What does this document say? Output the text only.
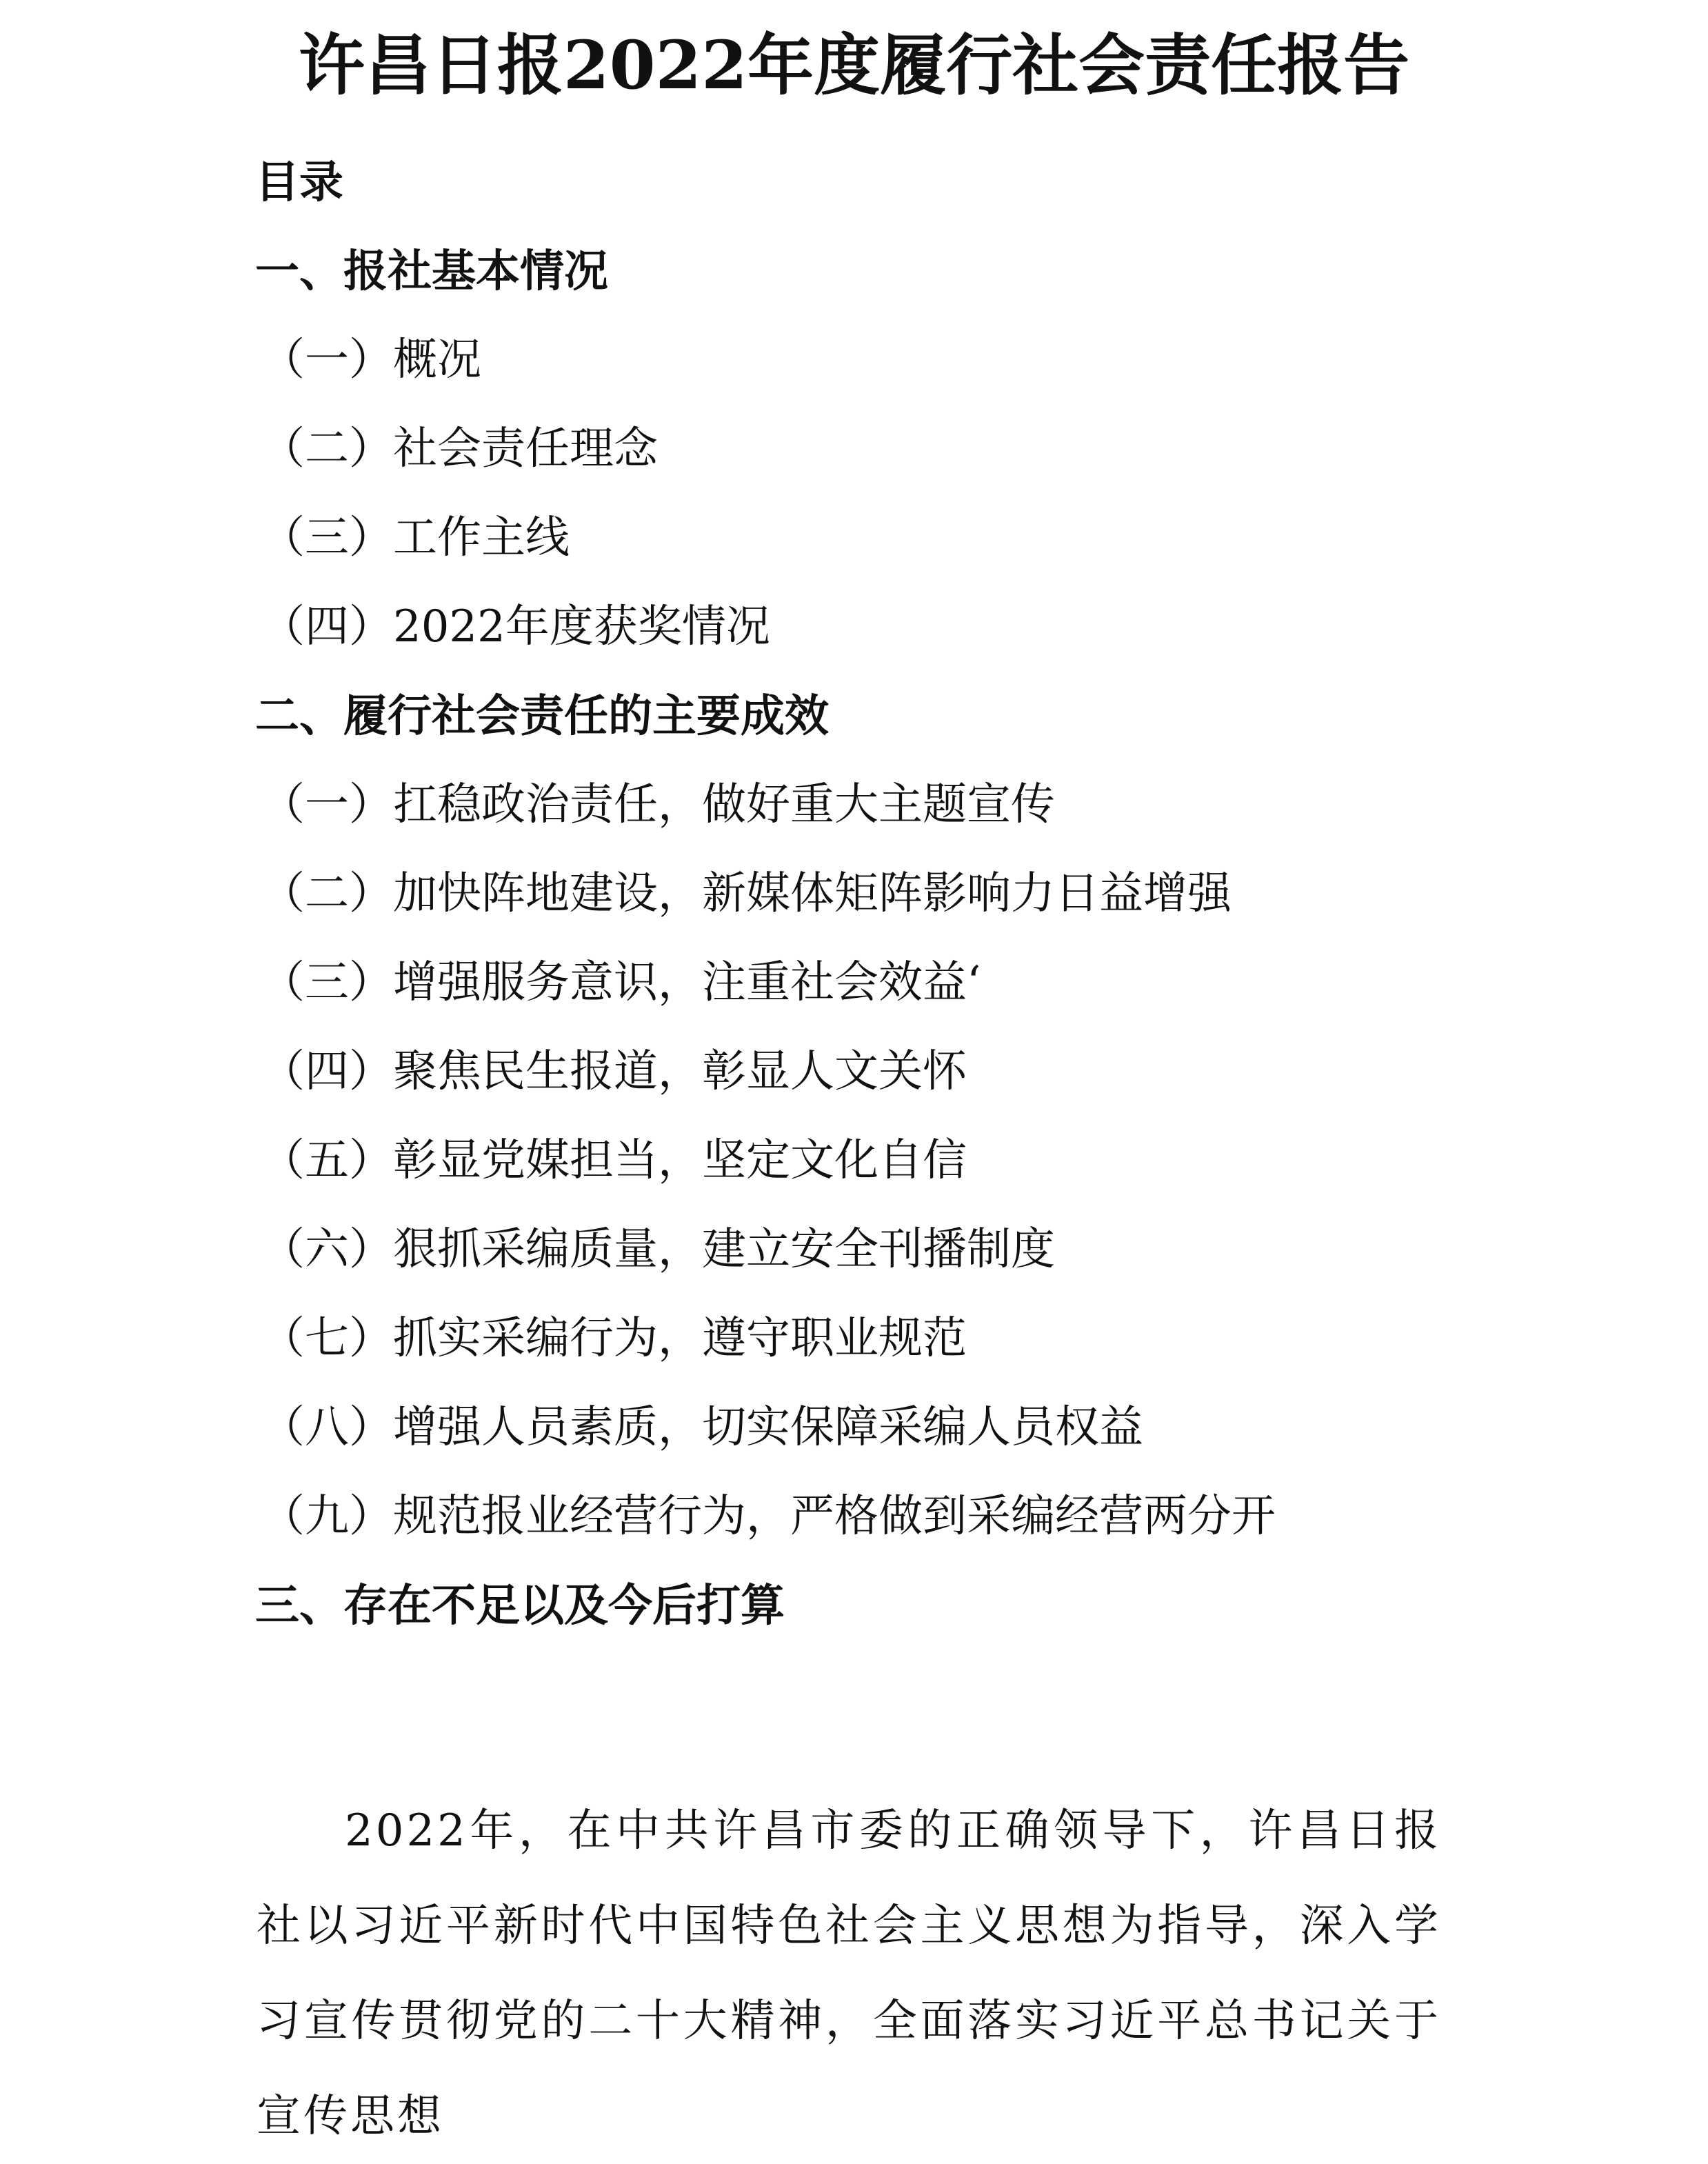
许昌日报2022年度履行社会责任报告
目录
一、报社基本情况
（一）概况
（二）社会责任理念
（三）工作主线
（四）2022年度获奖情况
二、履行社会责任的主要成效
（一）扛稳政治责任，做好重大主题宣传
（二）加快阵地建设，新媒体矩阵影响力日益增强
（三）增强服务意识，注重社会效益‘
（四）聚焦民生报道，彰显人文关怀
（五）彰显党媒担当，坚定文化自信
（六）狠抓采编质量，建立安全刊播制度
（七）抓实采编行为，遵守职业规范
（八）增强人员素质，切实保障采编人员权益
（九）规范报业经营行为，严格做到采编经营两分开
三、存在不足以及今后打算

2022年，在中共许昌市委的正确领导下，许昌日报社以习近平新时代中国特色社会主义思想为指导，深入学习宣传贯彻党的二十大精神，全面落实习近平总书记关于宣传思想
